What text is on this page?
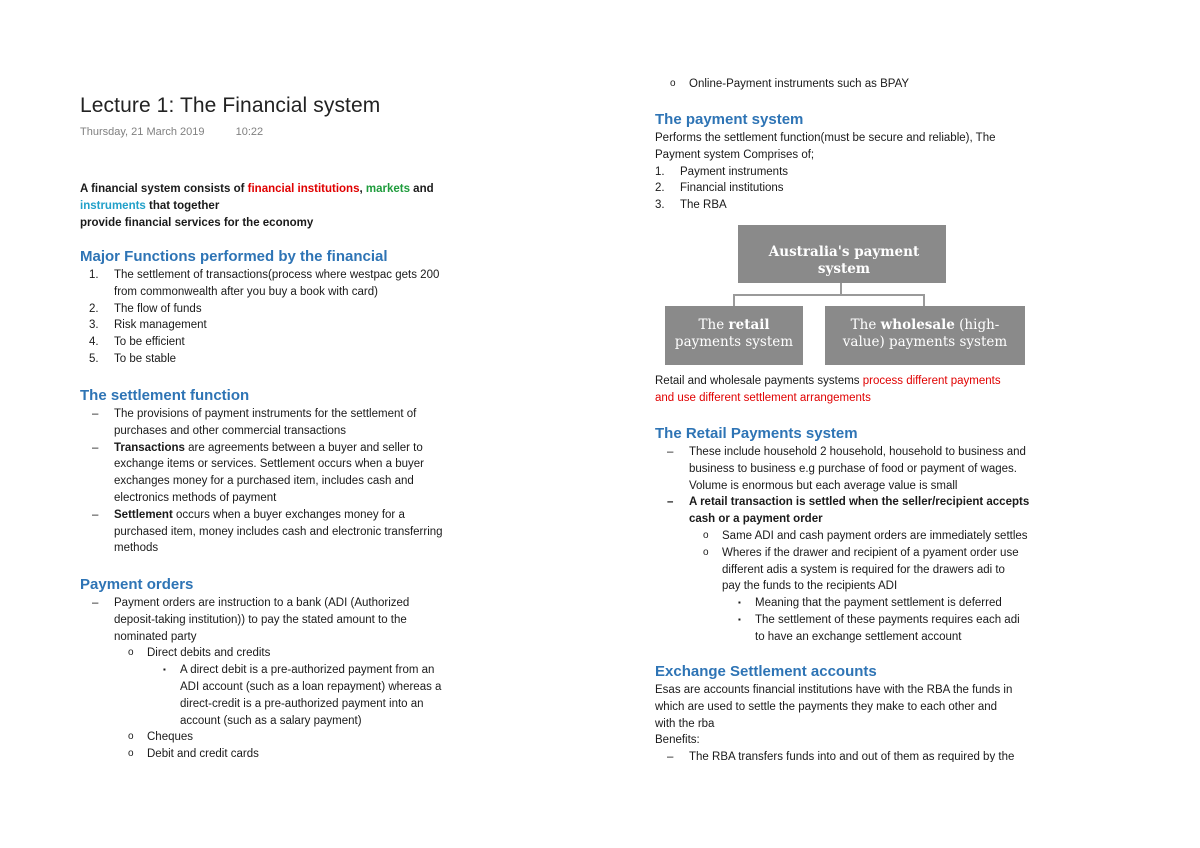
Lecture 1: The Financial system
Thursday, 21 March 2019	10:22
A financial system consists of financial institutions, markets and
instruments that together
provide financial services for the economy
Major Functions performed by the financial
1. The settlement of transactions(process where westpac gets 200
from commonwealth after you buy a book with card)
2. The flow of funds
3. Risk management
4. To be efficient
5. To be stable
The settlement function
– The provisions of payment instruments for the settlement of
purchases and other commercial transactions
– Transactions are agreements between a buyer and seller to
exchange items or services. Settlement occurs when a buyer
exchanges money for a purchased item, includes cash and
electronics methods of payment
– Settlement occurs when a buyer exchanges money for a
purchased item, money includes cash and electronic transferring
methods
Payment orders
– Payment orders are instruction to a bank (ADI (Authorized
deposit-taking institution)) to pay the stated amount to the
nominated party
o Direct debits and credits
▪ A direct debit is a pre-authorized payment from an
ADI account (such as a loan repayment) whereas a
direct-credit is a pre-authorized payment into an
account (such as a salary payment)
o Cheques
o Debit and credit cards
o Online-Payment instruments such as BPAY
The payment system
Performs the settlement function(must be secure and reliable), The
Payment system Comprises of;
1. Payment instruments
2. Financial institutions
3. The RBA
Australia's payment system
The retail
payments system
The wholesale (high-
value) payments system
Retail and wholesale payments systems process different payments
and use different settlement arrangements
The Retail Payments system
– These include household 2 household, household to business and
business to business e.g purchase of food or payment of wages.
Volume is enormous but each average value is small
– A retail transaction is settled when the seller/recipient accepts
cash or a payment order
o Same ADI and cash payment orders are immediately settles
o Wheres if the drawer and recipient of a pyament order use
different adis a system is required for the drawers adi to
pay the funds to the recipients ADI
▪ Meaning that the payment settlement is deferred
▪ The settlement of these payments requires each adi
to have an exchange settlement account
Exchange Settlement accounts
Esas are accounts financial institutions have with the RBA the funds in
which are used to settle the payments they make to each other and
with the rba
Benefits:
– The RBA transfers funds into and out of them as required by the
